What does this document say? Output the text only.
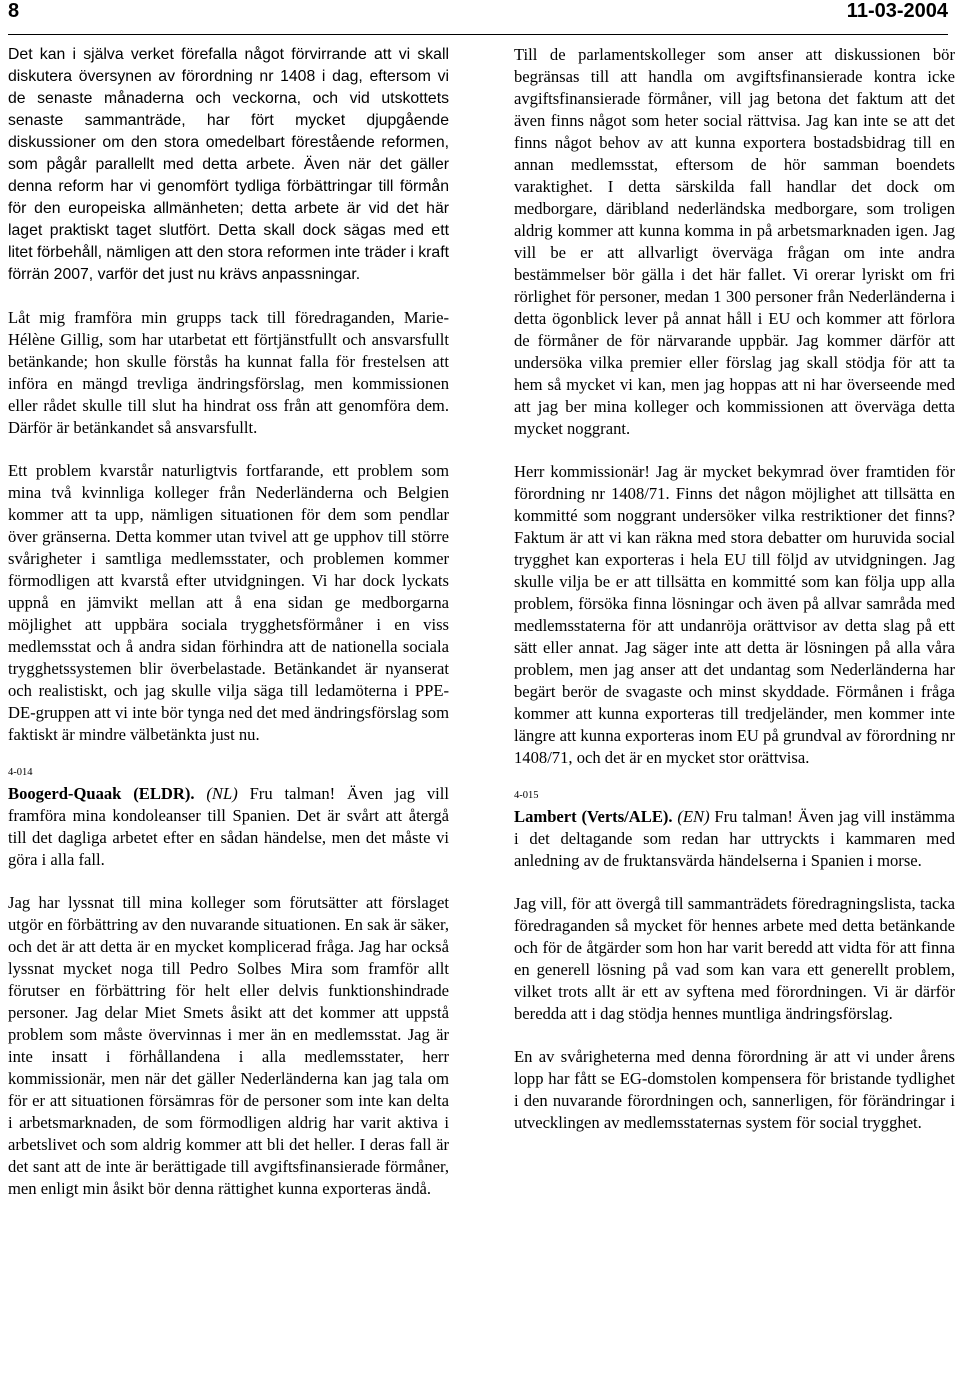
8	11-03-2004

Det kan i själva verket förefalla något förvirrande att vi skall diskutera översynen av förordning nr 1408 i dag, eftersom vi de senaste månaderna och veckorna, och vid utskottets senaste sammanträde, har fört mycket djupgående diskussioner om den stora omedelbart förestående reformen, som pågår parallellt med detta arbete. Även när det gäller denna reform har vi genomfört tydliga förbättringar till förmån för den europeiska allmänheten; detta arbete är vid det här laget praktiskt taget slutfört. Detta skall dock sägas med ett litet förbehåll, nämligen att den stora reformen inte träder i kraft förrän 2007, varför det just nu krävs anpassningar.

Låt mig framföra min grupps tack till föredraganden, Marie-Hélène Gillig, som har utarbetat ett förtjänstfullt och ansvarsfullt betänkande; hon skulle förstås ha kunnat falla för frestelsen att införa en mängd trevliga ändringsförslag, men kommissionen eller rådet skulle till slut ha hindrat oss från att genomföra dem. Därför är betänkandet så ansvarsfullt.

Ett problem kvarstår naturligtvis fortfarande, ett problem som mina två kvinnliga kolleger från Nederländerna och Belgien kommer att ta upp, nämligen situationen för dem som pendlar över gränserna. Detta kommer utan tvivel att ge upphov till större svårigheter i samtliga medlemsstater, och problemen kommer förmodligen att kvarstå efter utvidgningen. Vi har dock lyckats uppnå en jämvikt mellan att å ena sidan ge medborgarna möjlighet att uppbära sociala trygghetsförmåner i en viss medlemsstat och å andra sidan förhindra att de nationella sociala trygghetssystemen blir överbelastade. Betänkandet är nyanserat och realistiskt, och jag skulle vilja säga till ledamöterna i PPE-DE-gruppen att vi inte bör tynga ned det med ändringsförslag som faktiskt är mindre välbetänkta just nu.

4-014

Boogerd-Quaak (ELDR). (NL) Fru talman! Även jag vill framföra mina kondoleanser till Spanien. Det är svårt att återgå till det dagliga arbetet efter en sådan händelse, men det måste vi göra i alla fall.

Jag har lyssnat till mina kolleger som förutsätter att förslaget utgör en förbättring av den nuvarande situationen. En sak är säker, och det är att detta är en mycket komplicerad fråga. Jag har också lyssnat mycket noga till Pedro Solbes Mira som framför allt förutser en förbättring för helt eller delvis funktionshindrade personer. Jag delar Miet Smets åsikt att det kommer att uppstå problem som måste övervinnas i mer än en medlemsstat. Jag är inte insatt i förhållandena i alla medlemsstater, herr kommissionär, men när det gäller Nederländerna kan jag tala om för er att situationen försämras för de personer som inte kan delta i arbetsmarknaden, de som förmodligen aldrig har varit aktiva i arbetslivet och som aldrig kommer att bli det heller. I deras fall är det sant att de inte är berättigade till avgiftsfinansierade förmåner, men enligt min åsikt bör denna rättighet kunna exporteras ändå.

Till de parlamentskolleger som anser att diskussionen bör begränsas till att handla om avgiftsfinansierade kontra icke avgiftsfinansierade förmåner, vill jag betona det faktum att det även finns något som heter social rättvisa. Jag kan inte se att det finns något behov av att kunna exportera bostadsbidrag till en annan medlemsstat, eftersom de hör samman boendets varaktighet. I detta särskilda fall handlar det dock om medborgare, däribland nederländska medborgare, som troligen aldrig kommer att kunna komma in på arbetsmarknaden igen. Jag vill be er att allvarligt överväga frågan om inte andra bestämmelser bör gälla i det här fallet. Vi orerar lyriskt om fri rörlighet för personer, medan 1 300 personer från Nederländerna i detta ögonblick lever på annat håll i EU och kommer att förlora de förmåner de för närvarande uppbär. Jag kommer därför att undersöka vilka premier eller förslag jag skall stödja för att ta hem så mycket vi kan, men jag hoppas att ni har överseende med att jag ber mina kolleger och kommissionen att överväga detta mycket noggrant.

Herr kommissionär! Jag är mycket bekymrad över framtiden för förordning nr 1408/71. Finns det någon möjlighet att tillsätta en kommitté som noggrant undersöker vilka restriktioner det finns? Faktum är att vi kan räkna med stora debatter om huruvida social trygghet kan exporteras i hela EU till följd av utvidgningen. Jag skulle vilja be er att tillsätta en kommitté som kan följa upp alla problem, försöka finna lösningar och även på allvar samråda med medlemsstaterna för att undanröja orättvisor av detta slag på ett sätt eller annat. Jag säger inte att detta är lösningen på alla våra problem, men jag anser att det undantag som Nederländerna har begärt berör de svagaste och minst skyddade. Förmånen i fråga kommer att kunna exporteras till tredjeländer, men kommer inte längre att kunna exporteras inom EU på grundval av förordning nr 1408/71, och det är en mycket stor orättvisa.

4-015

Lambert (Verts/ALE). (EN) Fru talman! Även jag vill instämma i det deltagande som redan har uttryckts i kammaren med anledning av de fruktansvärda händelserna i Spanien i morse.

Jag vill, för att övergå till sammanträdets föredragningslista, tacka föredraganden så mycket för hennes arbete med detta betänkande och för de åtgärder som hon har varit beredd att vidta för att finna en generell lösning på vad som kan vara ett generellt problem, vilket trots allt är ett av syftena med förordningen. Vi är därför beredda att i dag stödja hennes muntliga ändringsförslag.

En av svårigheterna med denna förordning är att vi under årens lopp har fått se EG-domstolen kompensera för bristande tydlighet i den nuvarande förordningen och, sannerligen, för förändringar i utvecklingen av medlemsstaternas system för social trygghet.
